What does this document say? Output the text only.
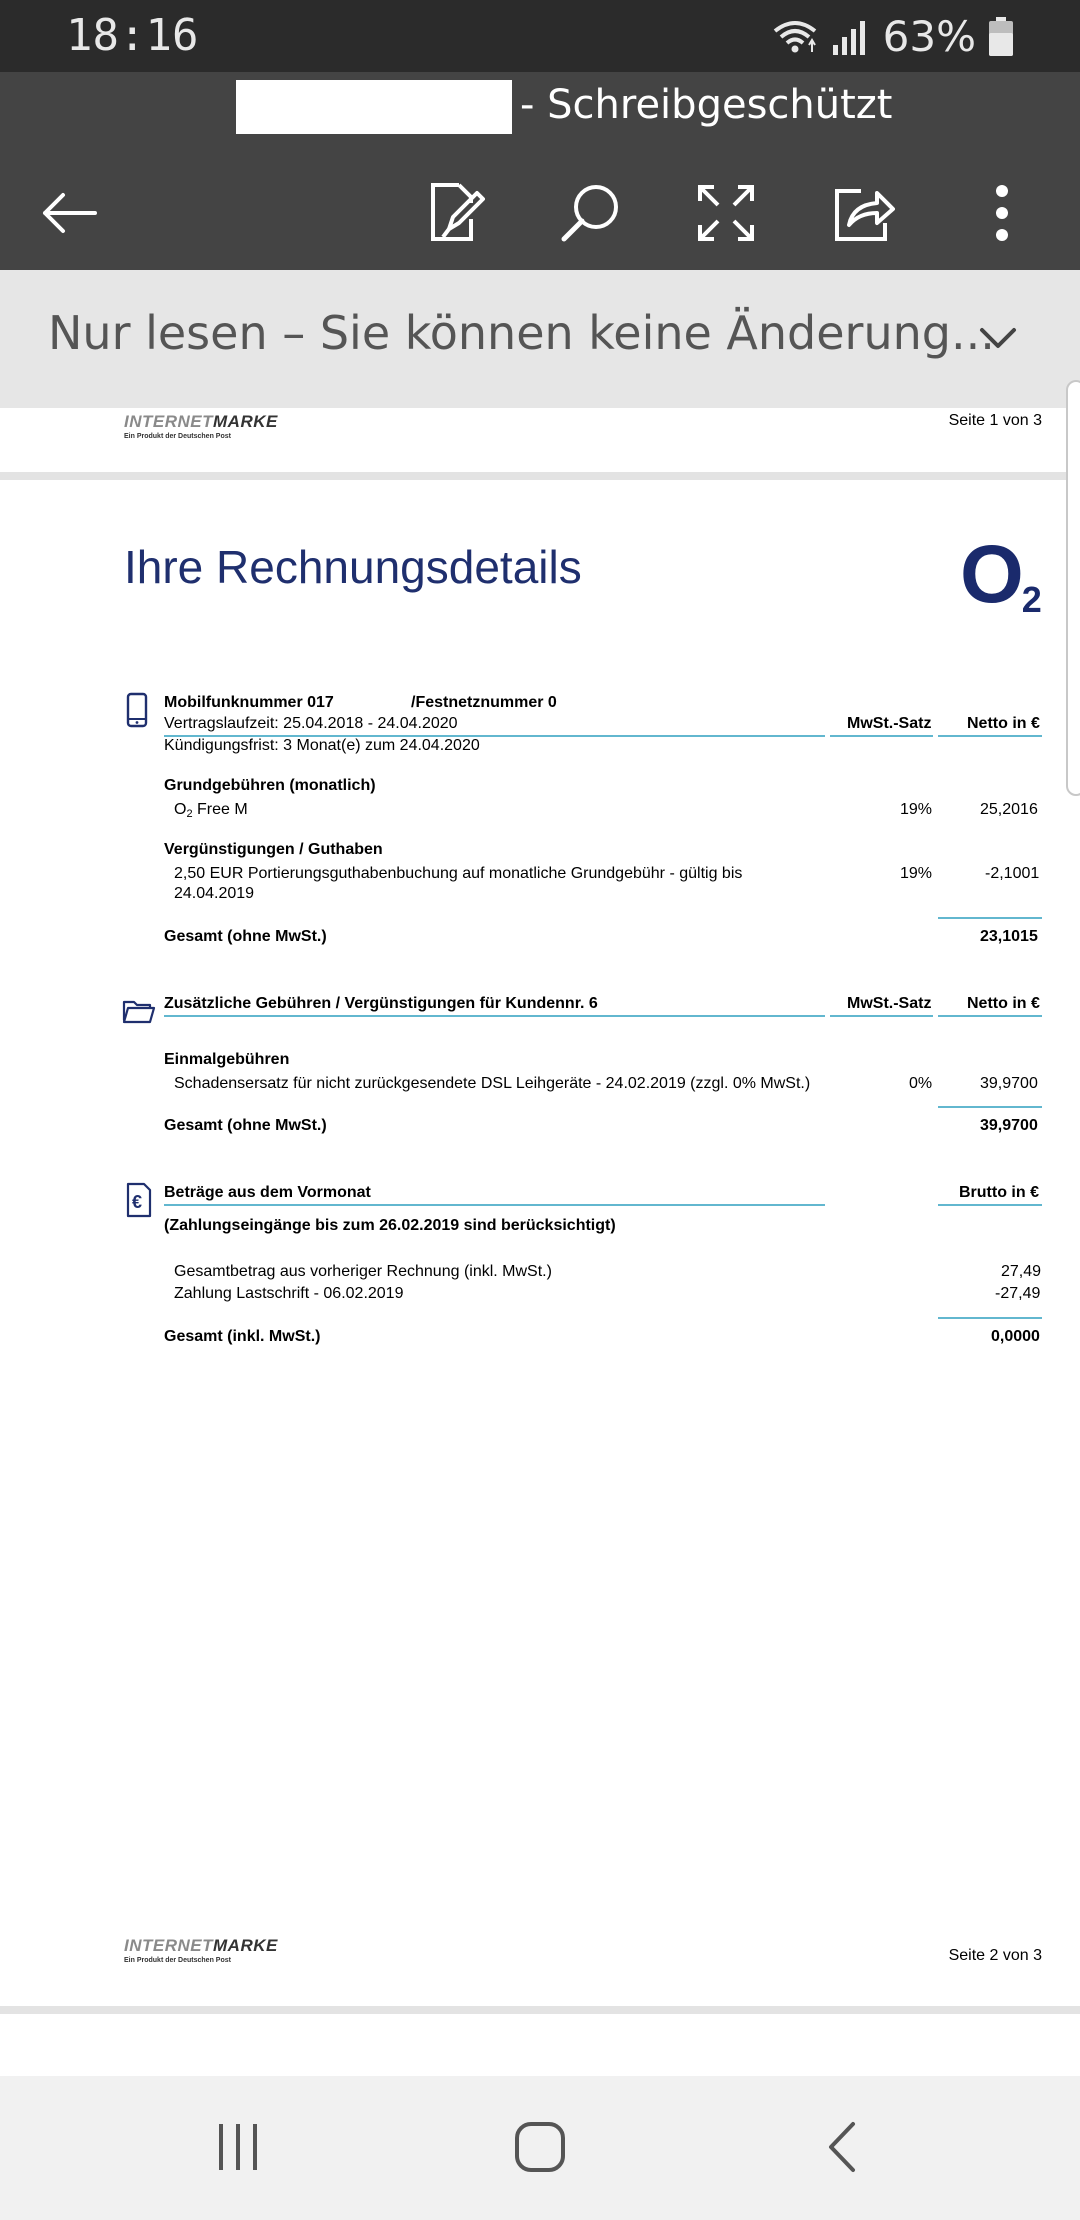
18:16	63%
- Schreibgeschützt
Nur lesen – Sie können keine Änderung...
INTERNETMARKE
Ein Produkt der Deutschen Post
Seite 1 von 3
Ihre Rechnungsdetails	O2
Mobilfunknummer 017	/Festnetznummer 0
Vertragslaufzeit: 25.04.2018 - 24.04.2020	MwSt.-Satz Netto in €
Kündigungsfrist: 3 Monat(e) zum 24.04.2020
Grundgebühren (monatlich)
O2 Free M	19%	25,2016
Vergünstigungen / Guthaben
2,50 EUR Portierungsguthabenbuchung auf monatliche Grundgebühr - gültig bis
24.04.2019
19%	-2,1001
Gesamt (ohne MwSt.)	23,1015
Zusätzliche Gebühren / Vergünstigungen für Kundennr. 6	MwSt.-Satz Netto in €
Einmalgebühren
Schadensersatz für nicht zurückgesendete DSL Leihgeräte - 24.02.2019 (zzgl. 0% MwSt.)	0%	39,9700
Gesamt (ohne MwSt.)	39,9700
€ Beträge aus dem Vormonat	Brutto in €
(Zahlungseingänge bis zum 26.02.2019 sind berücksichtigt)
Gesamtbetrag aus vorheriger Rechnung (inkl. MwSt.)	27,49
Zahlung Lastschrift - 06.02.2019	-27,49
Gesamt (inkl. MwSt.)	0,0000
INTERNETMARKE
Ein Produkt der Deutschen Post	Seite 2 von 3
